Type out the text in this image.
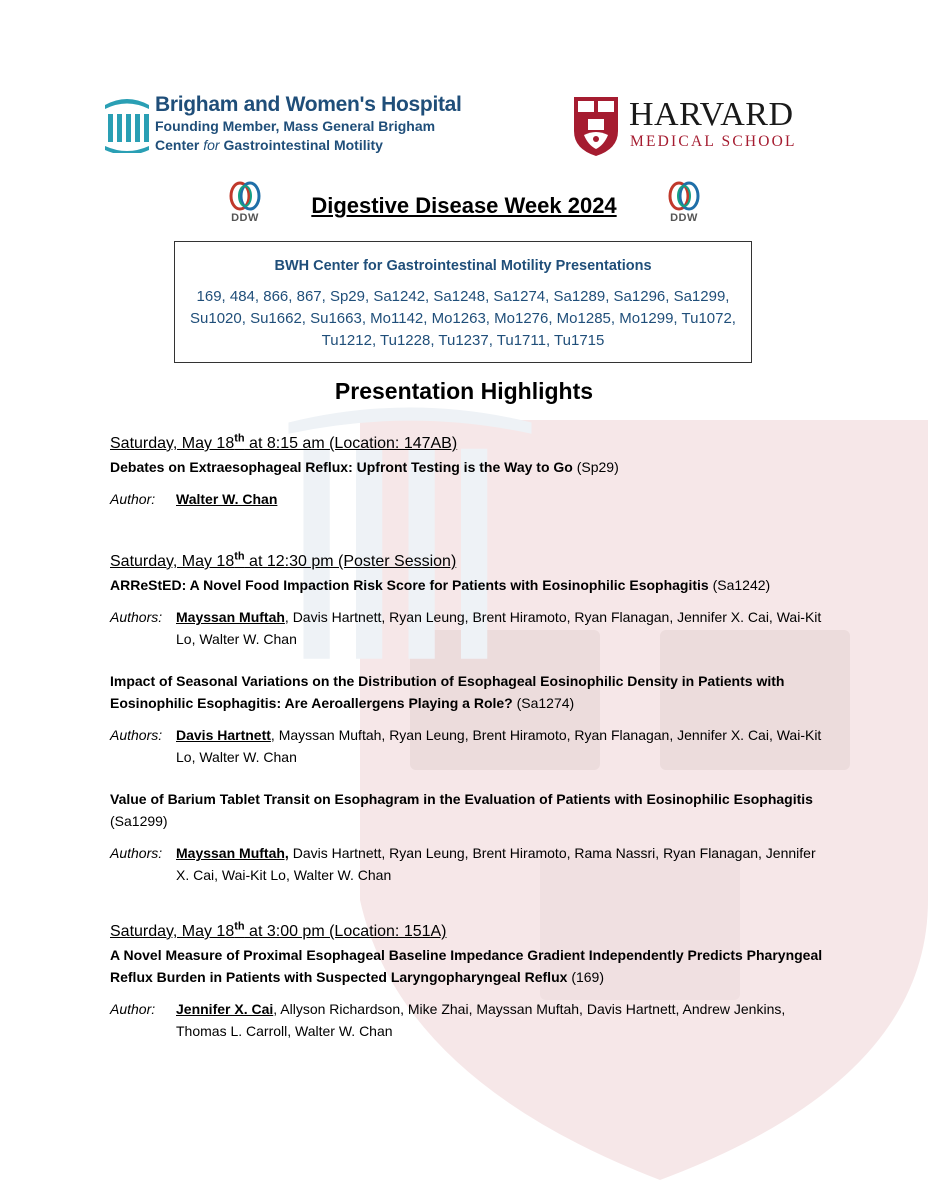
Brigham and Women's Hospital
Founding Member, Mass General Brigham
Center for Gastrointestinal Motility
HARVARD
MEDICAL SCHOOL
DDW	DDW
Digestive Disease Week 2024
BWH Center for Gastrointestinal Motility Presentations
169, 484, 866, 867, Sp29, Sa1242, Sa1248, Sa1274, Sa1289, Sa1296, Sa1299, Su1020, Su1662, Su1663, Mo1142, Mo1263, Mo1276, Mo1285, Mo1299, Tu1072, Tu1212, Tu1228, Tu1237, Tu1711, Tu1715
Presentation Highlights
Saturday, May 18th at 8:15 am (Location: 147AB)
Debates on Extraesophageal Reflux: Upfront Testing is the Way to Go (Sp29)
Author: Walter W. Chan
Saturday, May 18th at 12:30 pm (Poster Session)
ARReStED: A Novel Food Impaction Risk Score for Patients with Eosinophilic Esophagitis (Sa1242)
Authors: Mayssan Muftah, Davis Hartnett, Ryan Leung, Brent Hiramoto, Ryan Flanagan, Jennifer X. Cai, Wai-Kit Lo, Walter W. Chan
Impact of Seasonal Variations on the Distribution of Esophageal Eosinophilic Density in Patients with Eosinophilic Esophagitis: Are Aeroallergens Playing a Role? (Sa1274)
Authors: Davis Hartnett, Mayssan Muftah, Ryan Leung, Brent Hiramoto, Ryan Flanagan, Jennifer X. Cai, Wai-Kit Lo, Walter W. Chan
Value of Barium Tablet Transit on Esophagram in the Evaluation of Patients with Eosinophilic Esophagitis (Sa1299)
Authors: Mayssan Muftah, Davis Hartnett, Ryan Leung, Brent Hiramoto, Rama Nassri, Ryan Flanagan, Jennifer X. Cai, Wai-Kit Lo, Walter W. Chan
Saturday, May 18th at 3:00 pm (Location: 151A)
A Novel Measure of Proximal Esophageal Baseline Impedance Gradient Independently Predicts Pharyngeal Reflux Burden in Patients with Suspected Laryngopharyngeal Reflux (169)
Author: Jennifer X. Cai, Allyson Richardson, Mike Zhai, Mayssan Muftah, Davis Hartnett, Andrew Jenkins, Thomas L. Carroll, Walter W. Chan
